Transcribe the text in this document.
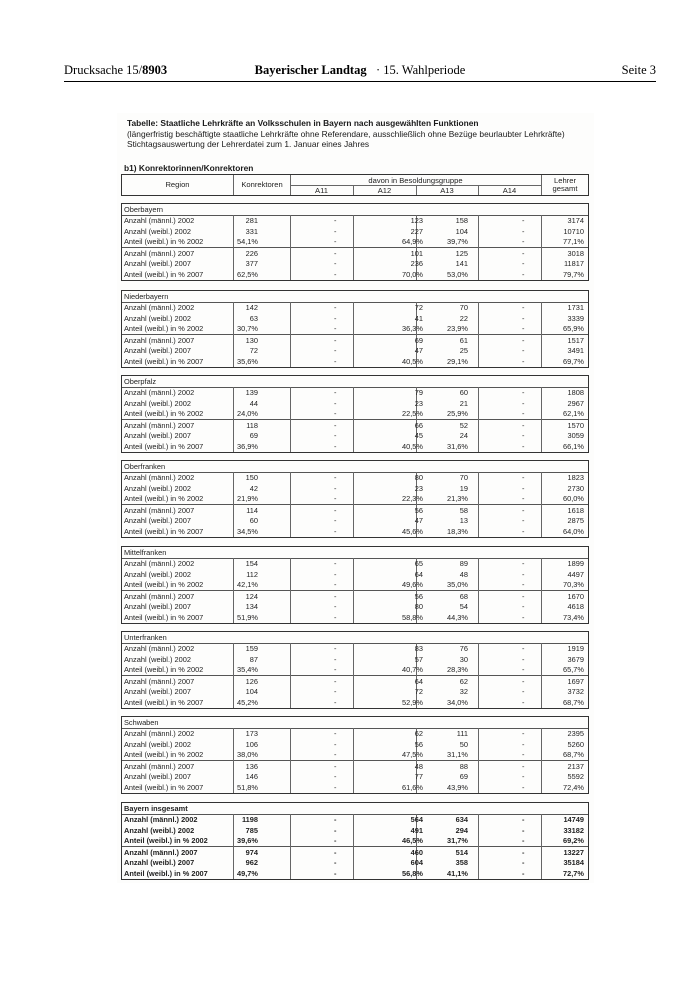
Drucksache 15/8903	Bayerischer Landtag · 15. Wahlperiode	Seite 3
Tabelle: Staatliche Lehrkräfte an Volksschulen in Bayern nach ausgewählten Funktionen
(längerfristig beschäftigte staatliche Lehrkräfte ohne Referendare, ausschließlich ohne Bezüge beurlaubter Lehrkräfte)
Stichtagsauswertung der Lehrerdatei zum 1. Januar eines Jahres
b1) Konrektorinnen/Konrektoren
Region	Konrektoren	davon in Besoldungsgruppe
A11	A12	A13	A14
Lehrer
gesamt
Oberbayern
Anzahl (männl.) 2002	281	-	123	158	-	3174
Anzahl (weibl.) 2002	331	-	227	104	-	10710
Anteil (weibl.) in % 2002	54,1%	-	64,9%	39,7%	-	77,1%
Anzahl (männl.) 2007	226	-	101	125	-	3018
Anzahl (weibl.) 2007	377	-	236	141	-	11817
Anteil (weibl.) in % 2007	62,5%	-	70,0%	53,0%	-	79,7%
Niederbayern
Anzahl (männl.) 2002	142	-	72	70	-	1731
Anzahl (weibl.) 2002	63	-	41	22	-	3339
Anteil (weibl.) in % 2002	30,7%	-	36,3%	23,9%	-	65,9%
Anzahl (männl.) 2007	130	-	69	61	-	1517
Anzahl (weibl.) 2007	72	-	47	25	-	3491
Anteil (weibl.) in % 2007	35,6%	-	40,5%	29,1%	-	69,7%
Oberpfalz
Anzahl (männl.) 2002	139	-	79	60	-	1808
Anzahl (weibl.) 2002	44	-	23	21	-	2967
Anteil (weibl.) in % 2002	24,0%	-	22,5%	25,9%	-	62,1%
Anzahl (männl.) 2007	118	-	66	52	-	1570
Anzahl (weibl.) 2007	69	-	45	24	-	3059
Anteil (weibl.) in % 2007	36,9%	-	40,5%	31,6%	-	66,1%
Oberfranken
Anzahl (männl.) 2002	150	-	80	70	-	1823
Anzahl (weibl.) 2002	42	-	23	19	-	2730
Anteil (weibl.) in % 2002	21,9%	-	22,3%	21,3%	-	60,0%
Anzahl (männl.) 2007	114	-	56	58	-	1618
Anzahl (weibl.) 2007	60	-	47	13	-	2875
Anteil (weibl.) in % 2007	34,5%	-	45,6%	18,3%	-	64,0%
Mittelfranken
Anzahl (männl.) 2002	154	-	65	89	-	1899
Anzahl (weibl.) 2002	112	-	64	48	-	4497
Anteil (weibl.) in % 2002	42,1%	-	49,6%	35,0%	-	70,3%
Anzahl (männl.) 2007	124	-	56	68	-	1670
Anzahl (weibl.) 2007	134	-	80	54	-	4618
Anteil (weibl.) in % 2007	51,9%	-	58,8%	44,3%	-	73,4%
Unterfranken
Anzahl (männl.) 2002	159	-	83	76	-	1919
Anzahl (weibl.) 2002	87	-	57	30	-	3679
Anteil (weibl.) in % 2002	35,4%	-	40,7%	28,3%	-	65,7%
Anzahl (männl.) 2007	126	-	64	62	-	1697
Anzahl (weibl.) 2007	104	-	72	32	-	3732
Anteil (weibl.) in % 2007	45,2%	-	52,9%	34,0%	-	68,7%
Schwaben
Anzahl (männl.) 2002	173	-	62	111	-	2395
Anzahl (weibl.) 2002	106	-	56	50	-	5260
Anteil (weibl.) in % 2002	38,0%	-	47,5%	31,1%	-	68,7%
Anzahl (männl.) 2007	136	-	48	88	-	2137
Anzahl (weibl.) 2007	146	-	77	69	-	5592
Anteil (weibl.) in % 2007	51,8%	-	61,6%	43,9%	-	72,4%
Bayern insgesamt
Anzahl (männl.) 2002	1198	-	564	634	-	14749
Anzahl (weibl.) 2002	785	-	491	294	-	33182
Anteil (weibl.) in % 2002	39,6%	-	46,5%	31,7%	-	69,2%
Anzahl (männl.) 2007	974	-	460	514	-	13227
Anzahl (weibl.) 2007	962	-	604	358	-	35184
Anteil (weibl.) in % 2007	49,7%	-	56,8%	41,1%	-	72,7%
